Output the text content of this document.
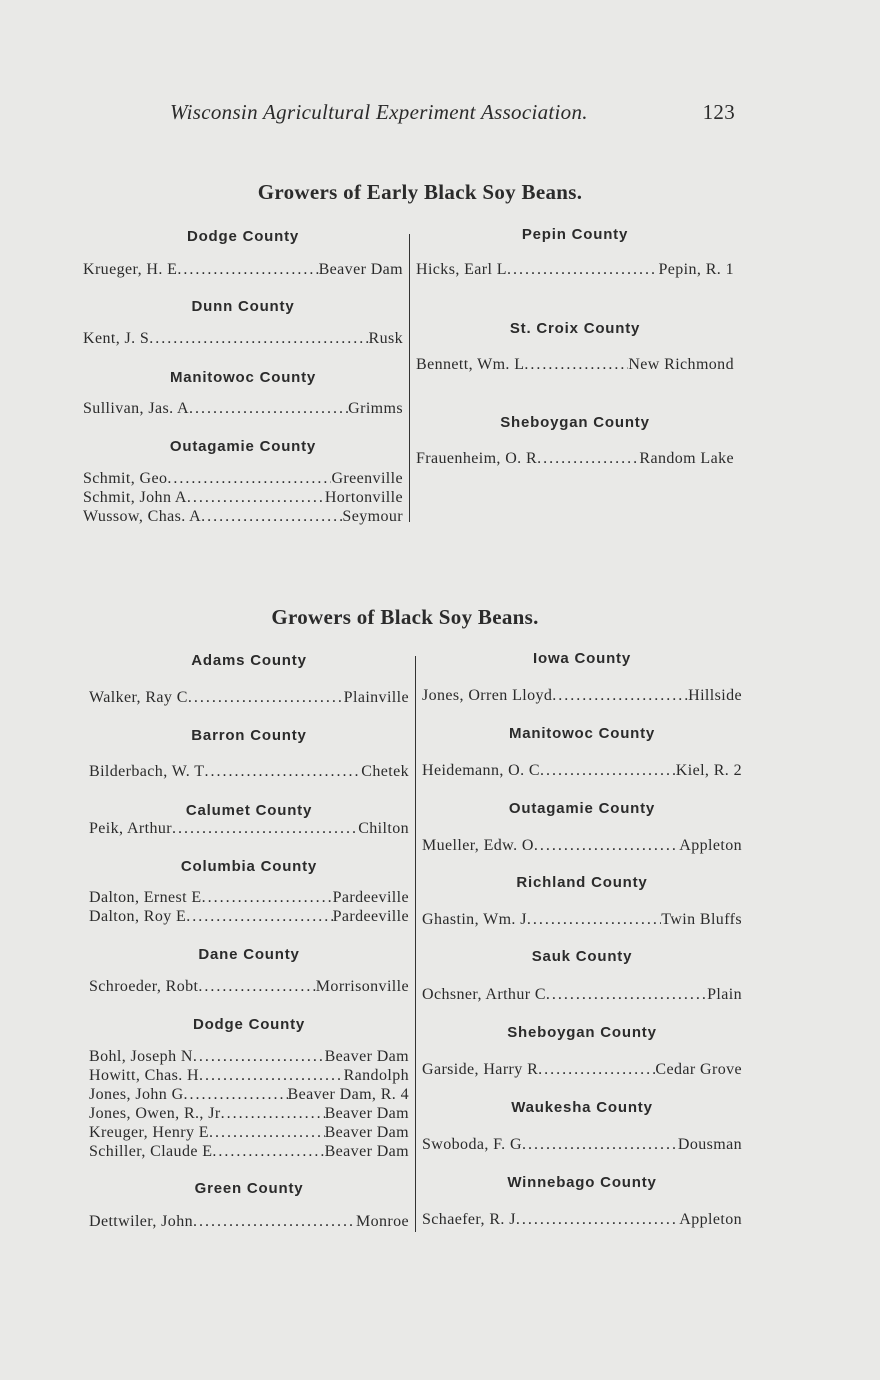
Wisconsin Agricultural Experiment Association.	123
Growers of Early Black Soy Beans.
Dodge County
Krueger, H. E .....	Beaver Dam
Dunn County
Kent, J. S .....	Rusk
Manitowoc County
Sullivan, Jas. A .....	Grimms
Outagamie County
Schmit, Geo .....	Greenville
Schmit, John A .....	Hortonville
Wussow, Chas. A .....	Seymour
Pepin County
Hicks, Earl L .....	Pepin, R. 1
St. Croix County
Bennett, Wm. L .....	New Richmond
Sheboygan County
Frauenheim, O. R .....	Random Lake
Growers of Black Soy Beans.
Adams County
Walker, Ray C .....	Plainville
Barron County
Bilderbach, W. T .....	Chetek
Calumet County
Peik, Arthur .....	Chilton
Columbia County
Dalton, Ernest E .....	Pardeeville
Dalton, Roy E .....	Pardeeville
Dane County
Schroeder, Robt .....	Morrisonville
Dodge County
Bohl, Joseph N .....	Beaver Dam
Howitt, Chas. H .....	Randolph
Jones, John G .....	Beaver Dam, R. 4
Jones, Owen, R., Jr .....	Beaver Dam
Kreuger, Henry E .....	Beaver Dam
Schiller, Claude E .....	Beaver Dam
Green County
Dettwiler, John .....	Monroe
Iowa County
Jones, Orren Lloyd .....	Hillside
Manitowoc County
Heidemann, O. C .....	Kiel, R. 2
Outagamie County
Mueller, Edw. O .....	Appleton
Richland County
Ghastin, Wm. J .....	Twin Bluffs
Sauk County
Ochsner, Arthur C .....	Plain
Sheboygan County
Garside, Harry R .....	Cedar Grove
Waukesha County
Swoboda, F. G .....	Dousman
Winnebago County
Schaefer, R. J .....	Appleton
